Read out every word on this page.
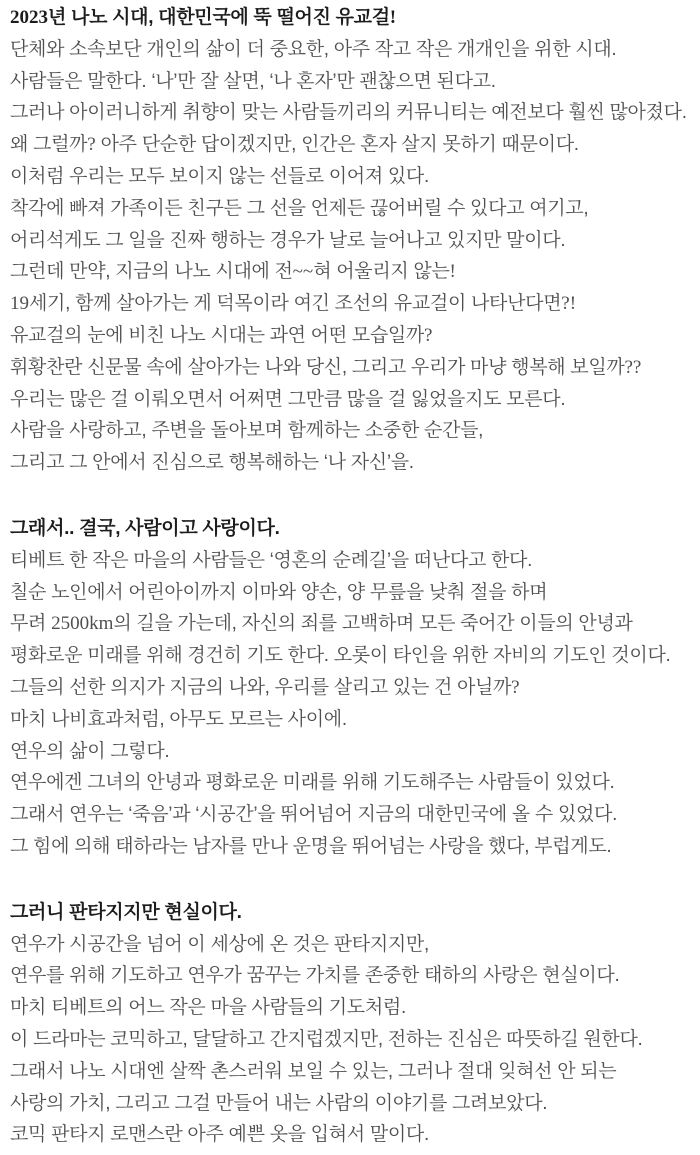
2023년 나노 시대, 대한민국에 뚝 떨어진 유교걸!
단체와 소속보단 개인의 삶이 더 중요한, 아주 작고 작은 개개인을 위한 시대.
사람들은 말한다. ‘나’만 잘 살면, ‘나 혼자’만 괜찮으면 된다고.
그러나 아이러니하게 취향이 맞는 사람들끼리의 커뮤니티는 예전보다 훨씬 많아졌다.
왜 그럴까? 아주 단순한 답이겠지만, 인간은 혼자 살지 못하기 때문이다.
이처럼 우리는 모두 보이지 않는 선들로 이어져 있다.
착각에 빠져 가족이든 친구든 그 선을 언제든 끊어버릴 수 있다고 여기고,
어리석게도 그 일을 진짜 행하는 경우가 날로 늘어나고 있지만 말이다.
그런데 만약, 지금의 나노 시대에 전~~혀 어울리지 않는!
19세기, 함께 살아가는 게 덕목이라 여긴 조선의 유교걸이 나타난다면?!
유교걸의 눈에 비친 나노 시대는 과연 어떤 모습일까?
휘황찬란 신문물 속에 살아가는 나와 당신, 그리고 우리가 마냥 행복해 보일까??
우리는 많은 걸 이뤄오면서 어쩌면 그만큼 많을 걸 잃었을지도 모른다.
사람을 사랑하고, 주변을 돌아보며 함께하는 소중한 순간들,
그리고 그 안에서 진심으로 행복해하는 ‘나 자신’을.
그래서.. 결국, 사람이고 사랑이다.
티베트 한 작은 마을의 사람들은 ‘영혼의 순례길’을 떠난다고 한다.
칠순 노인에서 어린아이까지 이마와 양손, 양 무릎을 낮춰 절을 하며
무려 2500km의 길을 가는데, 자신의 죄를 고백하며 모든 죽어간 이들의 안녕과
평화로운 미래를 위해 경건히 기도 한다. 오롯이 타인을 위한 자비의 기도인 것이다.
그들의 선한 의지가 지금의 나와, 우리를 살리고 있는 건 아닐까?
마치 나비효과처럼, 아무도 모르는 사이에.
연우의 삶이 그렇다.
연우에겐 그녀의 안녕과 평화로운 미래를 위해 기도해주는 사람들이 있었다.
그래서 연우는 ‘죽음’과 ‘시공간’을 뛰어넘어 지금의 대한민국에 올 수 있었다.
그 힘에 의해 태하라는 남자를 만나 운명을 뛰어넘는 사랑을 했다, 부럽게도.
그러니 판타지지만 현실이다.
연우가 시공간을 넘어 이 세상에 온 것은 판타지지만,
연우를 위해 기도하고 연우가 꿈꾸는 가치를 존중한 태하의 사랑은 현실이다.
마치 티베트의 어느 작은 마을 사람들의 기도처럼.
이 드라마는 코믹하고, 달달하고 간지럽겠지만, 전하는 진심은 따뜻하길 원한다.
그래서 나노 시대엔 살짝 촌스러워 보일 수 있는, 그러나 절대 잊혀선 안 되는
사랑의 가치, 그리고 그걸 만들어 내는 사람의 이야기를 그려보았다.
코믹 판타지 로맨스란 아주 예쁜 옷을 입혀서 말이다.
